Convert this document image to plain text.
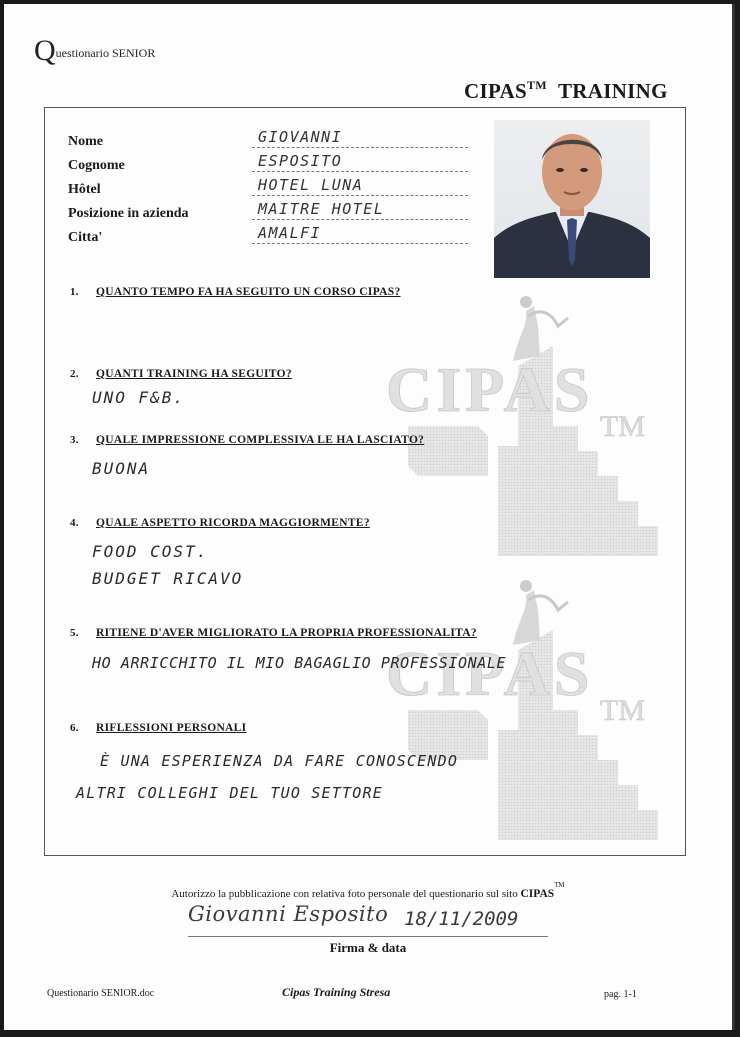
Questionario SENIOR
CIPAS™ TRAINING
CIPAS
TM
CIPAS
TM
Nome
Cognome
Hôtel
Posizione in azienda
Citta'
GIOVANNI
ESPOSITO
HOTEL LUNA
MAITRE HOTEL
AMALFI
1. QUANTO TEMPO FA HA SEGUITO UN CORSO CIPAS?
2. QUANTI TRAINING HA SEGUITO?
UNO F&B.
3. QUALE IMPRESSIONE COMPLESSIVA LE HA LASCIATO?
BUONA
4. QUALE ASPETTO RICORDA MAGGIORMENTE?
FOOD COST.
BUDGET RICAVO
5. RITIENE D'AVER MIGLIORATO LA PROPRIA PROFESSIONALITA?
HO ARRICCHITO IL MIO BAGAGLIO PROFESSIONALE
6. RIFLESSIONI PERSONALI
È UNA ESPERIENZA DA FARE CONOSCENDO
ALTRI COLLEGHI DEL TUO SETTORE
Autorizzo la pubblicazione con relativa foto personale del questionario sul sito CIPAS™
Giovanni Esposito 18/11/2009
Firma & data
Questionario SENIOR.doc	Cipas Training Stresa	pag. 1-1
